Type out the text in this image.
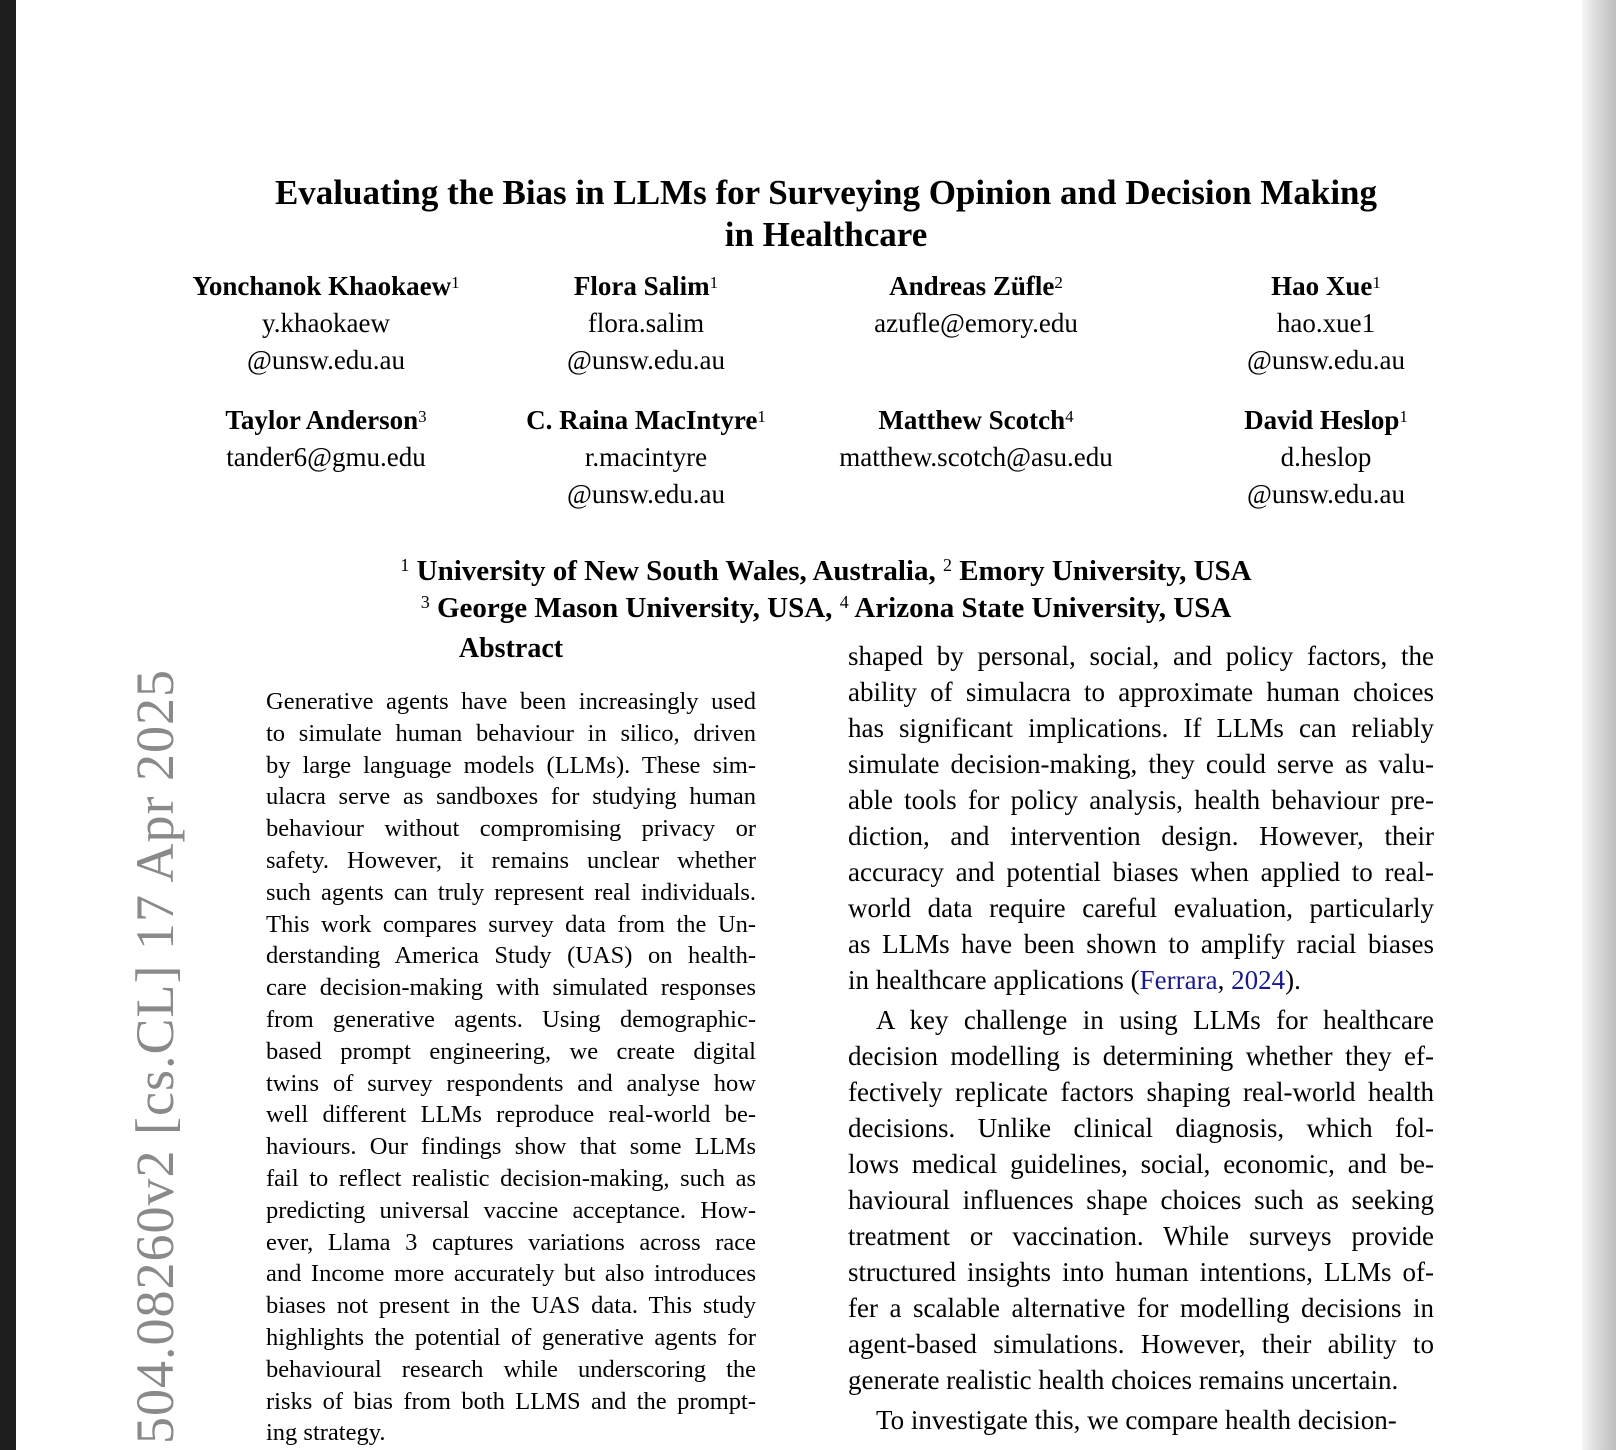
Evaluating the Bias in LLMs for Surveying Opinion and Decision Making
in Healthcare
Yonchanok Khaokaew$^1$
y.khaokaew
@unsw.edu.au
Flora Salim$^1$
flora.salim
@unsw.edu.au
Andreas Züfle$^2$
azufle@emory.edu
Hao Xue$^1$
hao.xue1
@unsw.edu.au
Taylor Anderson$^3$
tander6@gmu.edu
C. Raina MacIntyre$^1$
r.macintyre
@unsw.edu.au
Matthew Scotch$^4$
matthew.scotch@asu.edu
David Heslop$^1$
d.heslop
@unsw.edu.au
$^1$ University of New South Wales, Australia, $^2$ Emory University, USA
$^3$ George Mason University, USA, $^4$ Arizona State University, USA
Abstract
Generative agents have been increasingly used
to simulate human behaviour in silico, driven
by large language models (LLMs). These sim-
ulacra serve as sandboxes for studying human
behaviour without compromising privacy or
safety. However, it remains unclear whether
such agents can truly represent real individuals.
This work compares survey data from the Un-
derstanding America Study (UAS) on health-
care decision-making with simulated responses
from generative agents. Using demographic-
based prompt engineering, we create digital
twins of survey respondents and analyse how
well different LLMs reproduce real-world be-
haviours. Our findings show that some LLMs
fail to reflect realistic decision-making, such as
predicting universal vaccine acceptance. How-
ever, Llama 3 captures variations across race
and Income more accurately but also introduces
biases not present in the UAS data. This study
highlights the potential of generative agents for
behavioural research while underscoring the
risks of bias from both LLMS and the prompt-
ing strategy.
shaped by personal, social, and policy factors, the
ability of simulacra to approximate human choices
has significant implications. If LLMs can reliably
simulate decision-making, they could serve as valu-
able tools for policy analysis, health behaviour pre-
diction, and intervention design. However, their
accuracy and potential biases when applied to real-
world data require careful evaluation, particularly
as LLMs have been shown to amplify racial biases
in healthcare applications (Ferrara, 2024).
A key challenge in using LLMs for healthcare
decision modelling is determining whether they ef-
fectively replicate factors shaping real-world health
decisions. Unlike clinical diagnosis, which fol-
lows medical guidelines, social, economic, and be-
havioural influences shape choices such as seeking
treatment or vaccination. While surveys provide
structured insights into human intentions, LLMs of-
fer a scalable alternative for modelling decisions in
agent-based simulations. However, their ability to
generate realistic health choices remains uncertain.
To investigate this, we compare health decision-
504.08260v2 [cs.CL] 17 Apr 2025
